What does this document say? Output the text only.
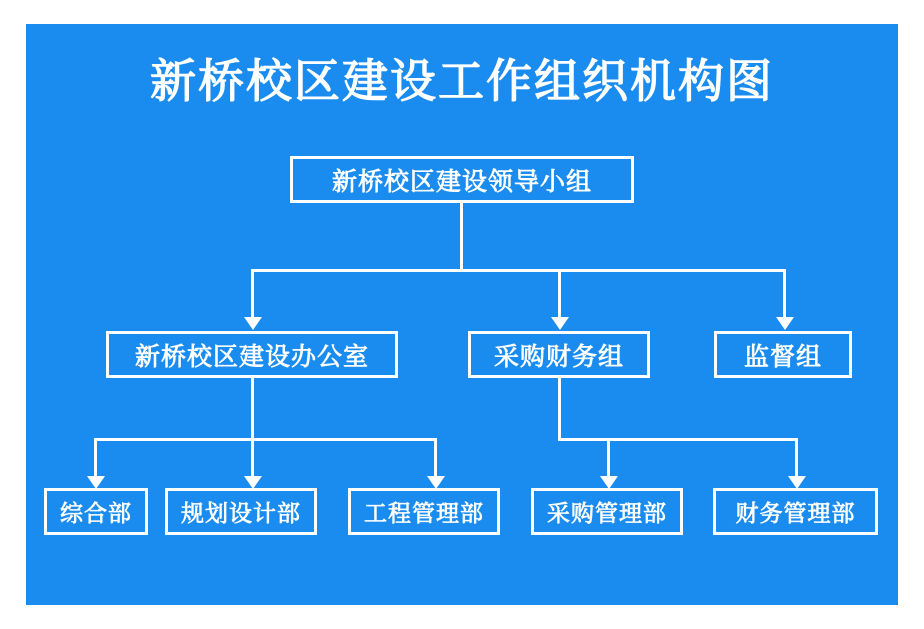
新桥校区建设工作组织机构图
新桥校区建设领导小组
新桥校区建设办公室	采购财务组	监督组
综合部 规划设计部	工程管理部	采购管理部	财务管理部
